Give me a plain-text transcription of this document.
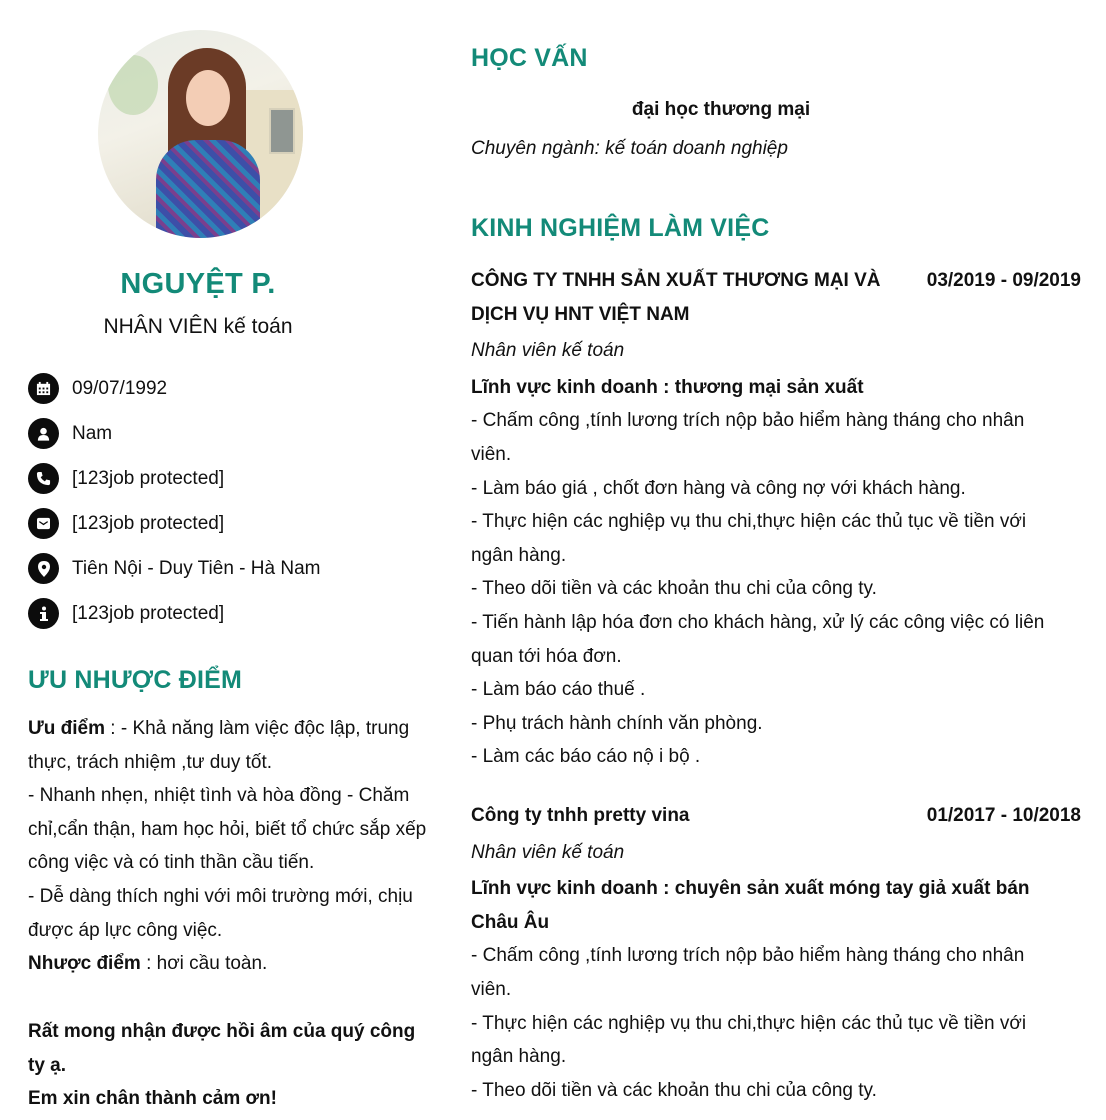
NGUYỆT P.
NHÂN VIÊN kế toán
09/07/1992
Nam
[123job protected]
[123job protected]
Tiên Nội - Duy Tiên - Hà Nam
[123job protected]
ƯU NHƯỢC ĐIỂM
Ưu điểm : - Khả năng làm việc độc lập, trung thực, trách nhiệm ,tư duy tốt.
- Nhanh nhẹn, nhiệt tình và hòa đồng - Chăm chỉ,cẩn thận, ham học hỏi, biết tổ chức sắp xếp công việc và có tinh thần cầu tiến.
- Dễ dàng thích nghi với môi trường mới, chịu được áp lực công việc.
Nhược điểm : hơi cầu toàn.
Rất mong nhận được hồi âm của quý công ty ạ.
Em xin chân thành cảm ơn!
HỌC VẤN
đại học thương mại
Chuyên ngành: kế toán doanh nghiệp
KINH NGHIỆM LÀM VIỆC
CÔNG TY TNHH SẢN XUẤT THƯƠNG MẠI VÀ DỊCH VỤ HNT VIỆT NAM
03/2019 - 09/2019
Nhân viên kế toán
Lĩnh vực kinh doanh : thương mại sản xuất
- Chấm công ,tính lương trích nộp bảo hiểm hàng tháng cho nhân viên.
- Làm báo giá , chốt đơn hàng và công nợ với khách hàng.
- Thực hiện các nghiệp vụ thu chi,thực hiện các thủ tục về tiền với ngân hàng.
- Theo dõi tiền và các khoản thu chi của công ty.
- Tiến hành lập hóa đơn cho khách hàng, xử lý các công việc có liên quan tới hóa đơn.
- Làm báo cáo thuế .
- Phụ trách hành chính văn phòng.
- Làm các báo cáo nộ i bộ .
Công ty tnhh pretty vina	01/2017 - 10/2018
Nhân viên kế toán
Lĩnh vực kinh doanh : chuyên sản xuất móng tay giả xuất bán Châu Âu
- Chấm công ,tính lương trích nộp bảo hiểm hàng tháng cho nhân viên.
- Thực hiện các nghiệp vụ thu chi,thực hiện các thủ tục về tiền với ngân hàng.
- Theo dõi tiền và các khoản thu chi của công ty.
